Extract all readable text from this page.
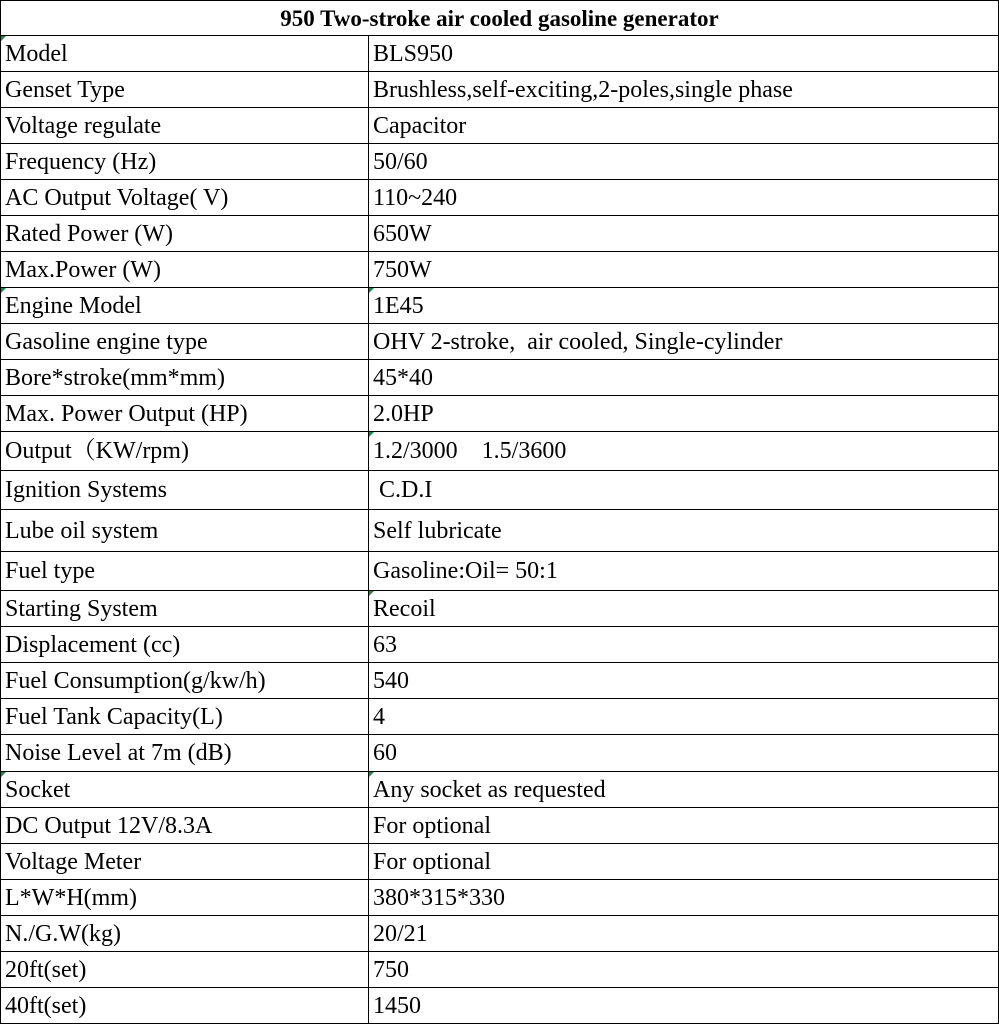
950 Two-stroke air cooled gasoline generator	
Model	BLS950
Genset Type	Brushless,self-exciting,2-poles,single phase
Voltage regulate	Capacitor
Frequency (Hz)	50/60
AC Output Voltage( V)	110~240
Rated Power (W)	650W
Max.Power (W)	750W
Engine Model	1E45
Gasoline engine type	OHV 2-stroke,  air cooled, Single-cylinder
Bore*stroke(mm*mm)	45*40
Max. Power Output (HP)	2.0HP
Output（KW/rpm)	1.2/3000    1.5/3600
Ignition Systems	C.D.I
Lube oil system	Self lubricate
Fuel type	Gasoline:Oil= 50:1
Starting System	Recoil
Displacement (cc)	63
Fuel Consumption(g/kw/h)	540
Fuel Tank Capacity(L)	4
Noise Level at 7m (dB)	60
Socket	Any socket as requested
DC Output 12V/8.3A	For optional
Voltage Meter	For optional
L*W*H(mm)	380*315*330
N./G.W(kg)	20/21
20ft(set)	750
40ft(set)	1450
